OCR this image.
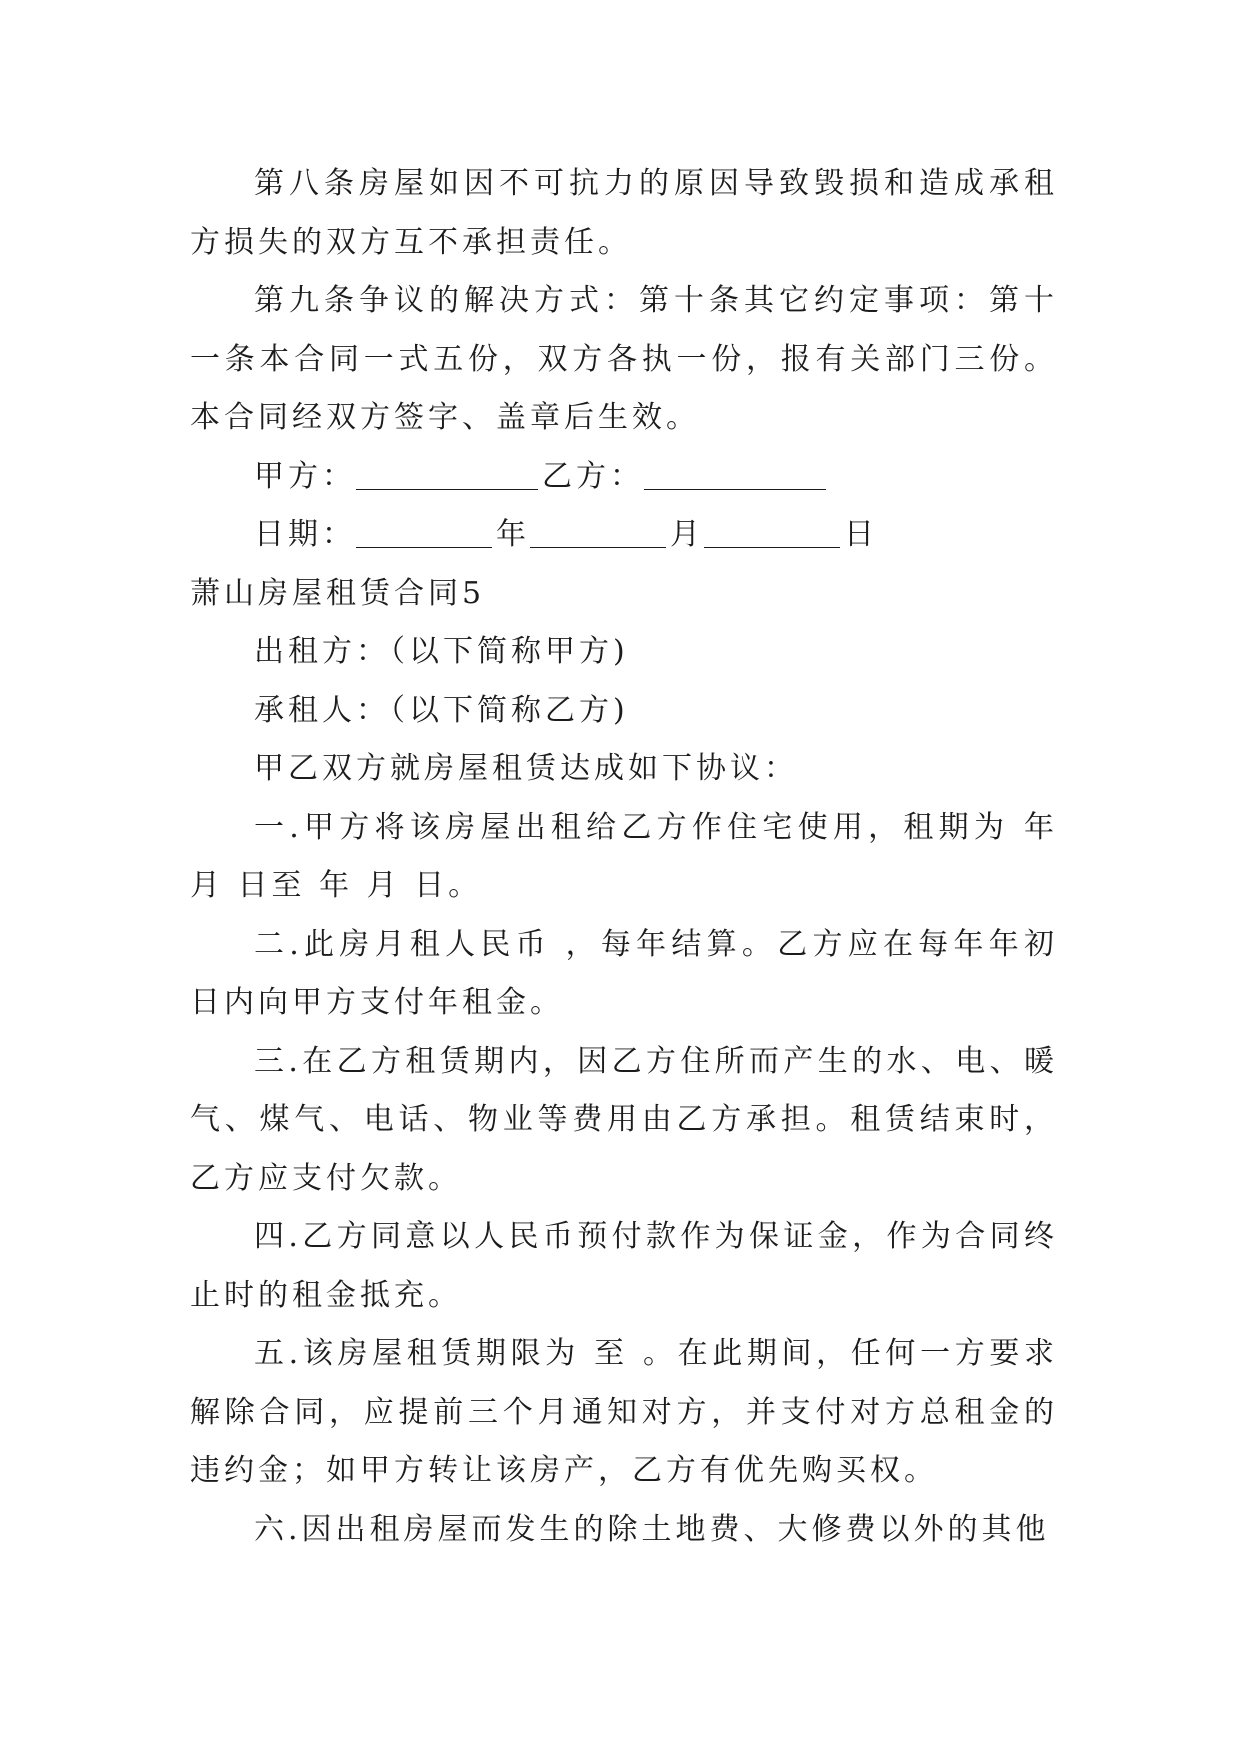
第八条房屋如因不可抗力的原因导致毁损和造成承租方损失的双方互不承担责任。

第九条争议的解决方式：第十条其它约定事项：第十一条本合同一式五份，双方各执一份，报有关部门三份。本合同经双方签字、盖章后生效。

甲方：	乙方：

日期：	年	月	日

萧山房屋租赁合同5

出租方：（以下简称甲方)

承租人：（以下简称乙方)

甲乙双方就房屋租赁达成如下协议：

一.甲方将该房屋出租给乙方作住宅使用，租期为 年 月 日至 年 月 日。

二.此房月租人民币 ，每年结算。乙方应在每年年初 日内向甲方支付年租金。

三.在乙方租赁期内，因乙方住所而产生的水、电、暖气、煤气、电话、物业等费用由乙方承担。租赁结束时，乙方应支付欠款。

四.乙方同意以人民币预付款作为保证金，作为合同终止时的租金抵充。

五.该房屋租赁期限为 至 。在此期间，任何一方要求解除合同，应提前三个月通知对方，并支付对方总租金的违约金；如甲方转让该房产，乙方有优先购买权。

六.因出租房屋而发生的除土地费、大修费以外的其他
